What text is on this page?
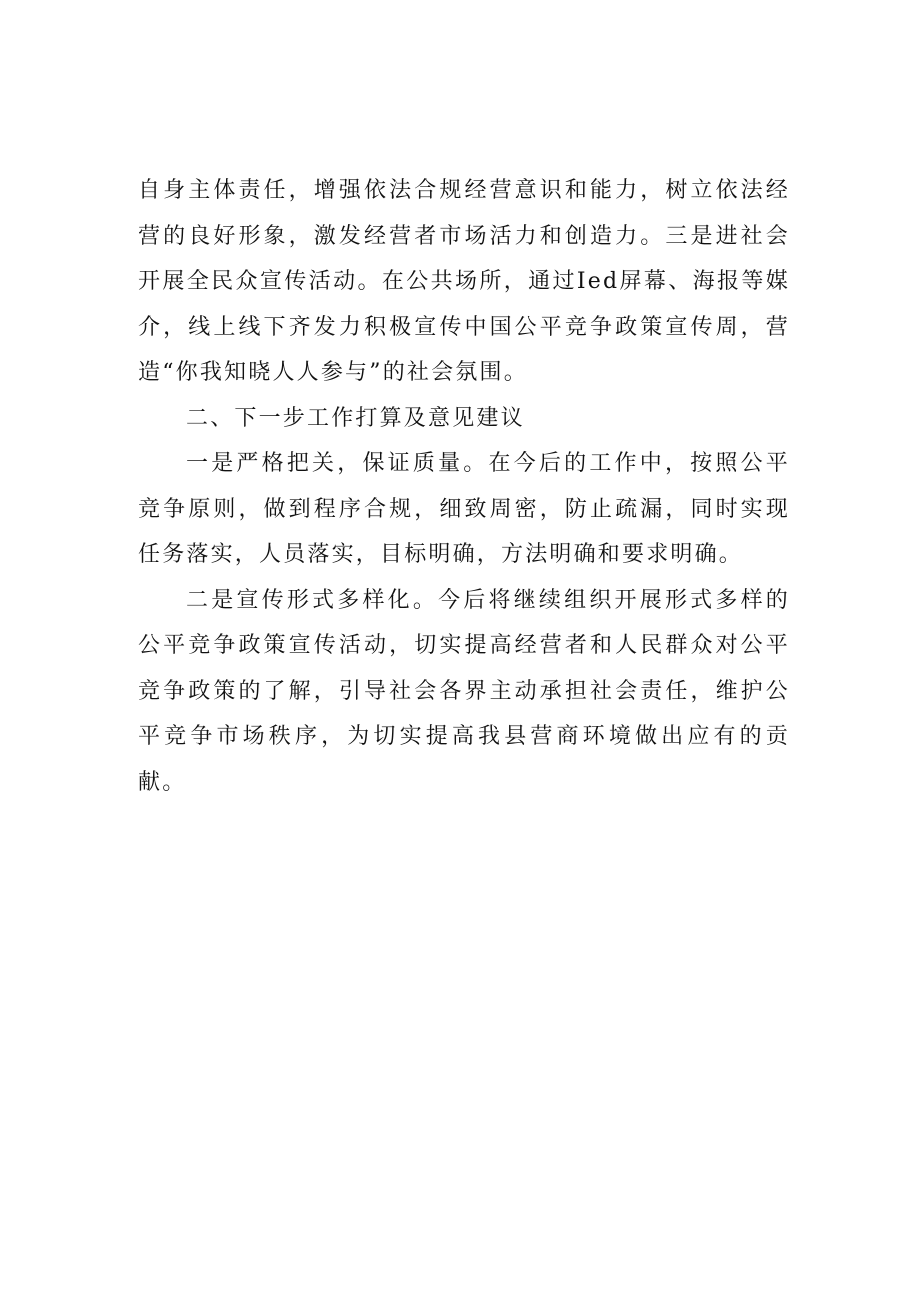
自身主体责任，增强依法合规经营意识和能力，树立依法经营的良好形象，激发经营者市场活力和创造力。三是进社会开展全民众宣传活动。在公共场所，通过Ied屏幕、海报等媒介，线上线下齐发力积极宣传中国公平竞争政策宣传周，营造“你我知晓人人参与”的社会氛围。

二、下一步工作打算及意见建议

一是严格把关，保证质量。在今后的工作中，按照公平竞争原则，做到程序合规，细致周密，防止疏漏，同时实现任务落实，人员落实，目标明确，方法明确和要求明确。

二是宣传形式多样化。今后将继续组织开展形式多样的公平竞争政策宣传活动，切实提高经营者和人民群众对公平竞争政策的了解，引导社会各界主动承担社会责任，维护公平竞争市场秩序，为切实提高我县营商环境做出应有的贡献。
